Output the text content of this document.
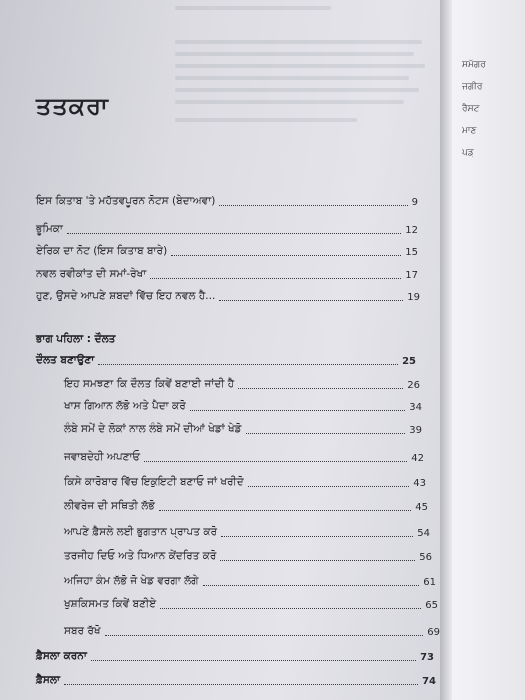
ਤਤਕਰਾ
ਇਸ ਕਿਤਾਬ 'ਤੇ ਮਹੱਤਵਪੂਰਨ ਨੋਟਸ (ਬੇਦਾਅਵਾ)	9
ਭੂਮਿਕਾ	12
ਏਰਿਕ ਦਾ ਨੋਟ (ਇਸ ਕਿਤਾਬ ਬਾਰੇ)	15
ਨਵਲ ਰਵੀਕਾਂਤ ਦੀ ਸਮਾਂ-ਰੇਖਾ	17
ਹੁਣ, ਉਸਦੇ ਆਪਣੇ ਸ਼ਬਦਾਂ ਵਿੱਚ ਇਹ ਨਵਲ ਹੈ...	19
ਭਾਗ ਪਹਿਲਾ : ਦੌਲਤ
ਦੌਲਤ ਬਣਾਉਣਾ	25
ਇਹ ਸਮਝਣਾ ਕਿ ਦੌਲਤ ਕਿਵੇਂ ਬਣਾਈ ਜਾਂਦੀ ਹੈ	26
ਖਾਸ ਗਿਆਨ ਲੱਭੋ ਅਤੇ ਪੈਦਾ ਕਰੋ	34
ਲੰਬੇ ਸਮੇਂ ਦੇ ਲੋਕਾਂ ਨਾਲ ਲੰਬੇ ਸਮੇਂ ਦੀਆਂ ਖੇਡਾਂ ਖੇਡੋ	39
ਜਵਾਬਦੇਹੀ ਅਪਣਾਓ	42
ਕਿਸੇ ਕਾਰੋਬਾਰ ਵਿੱਚ ਇਕੁਇਟੀ ਬਣਾਓ ਜਾਂ ਖਰੀਦੋ	43
ਲੀਵਰੇਜ ਦੀ ਸਥਿਤੀ ਲੱਭੋ	45
ਆਪਣੇ ਫ਼ੈਸਲੇ ਲਈ ਭੁਗਤਾਨ ਪ੍ਰਾਪਤ ਕਰੋ	54
ਤਰਜੀਹ ਦਿਓ ਅਤੇ ਧਿਆਨ ਕੇਂਦਰਿਤ ਕਰੋ	56
ਅਜਿਹਾ ਕੰਮ ਲੱਭੋ ਜੋ ਖੇਡ ਵਰਗਾ ਲੱਗੇ	61
ਖੁਸ਼ਕਿਸਮਤ ਕਿਵੇਂ ਬਣੀਏ	65
ਸਬਰ ਰੱਖੋ	69
ਫ਼ੈਸਲਾ ਕਰਨਾ	73
ਫ਼ੈਸਲਾ	74
ਸਮੱਗਰ
ਜਗੀਰ
ਰੈਸਟ
ਮਾਣ
ਪਡ਼
